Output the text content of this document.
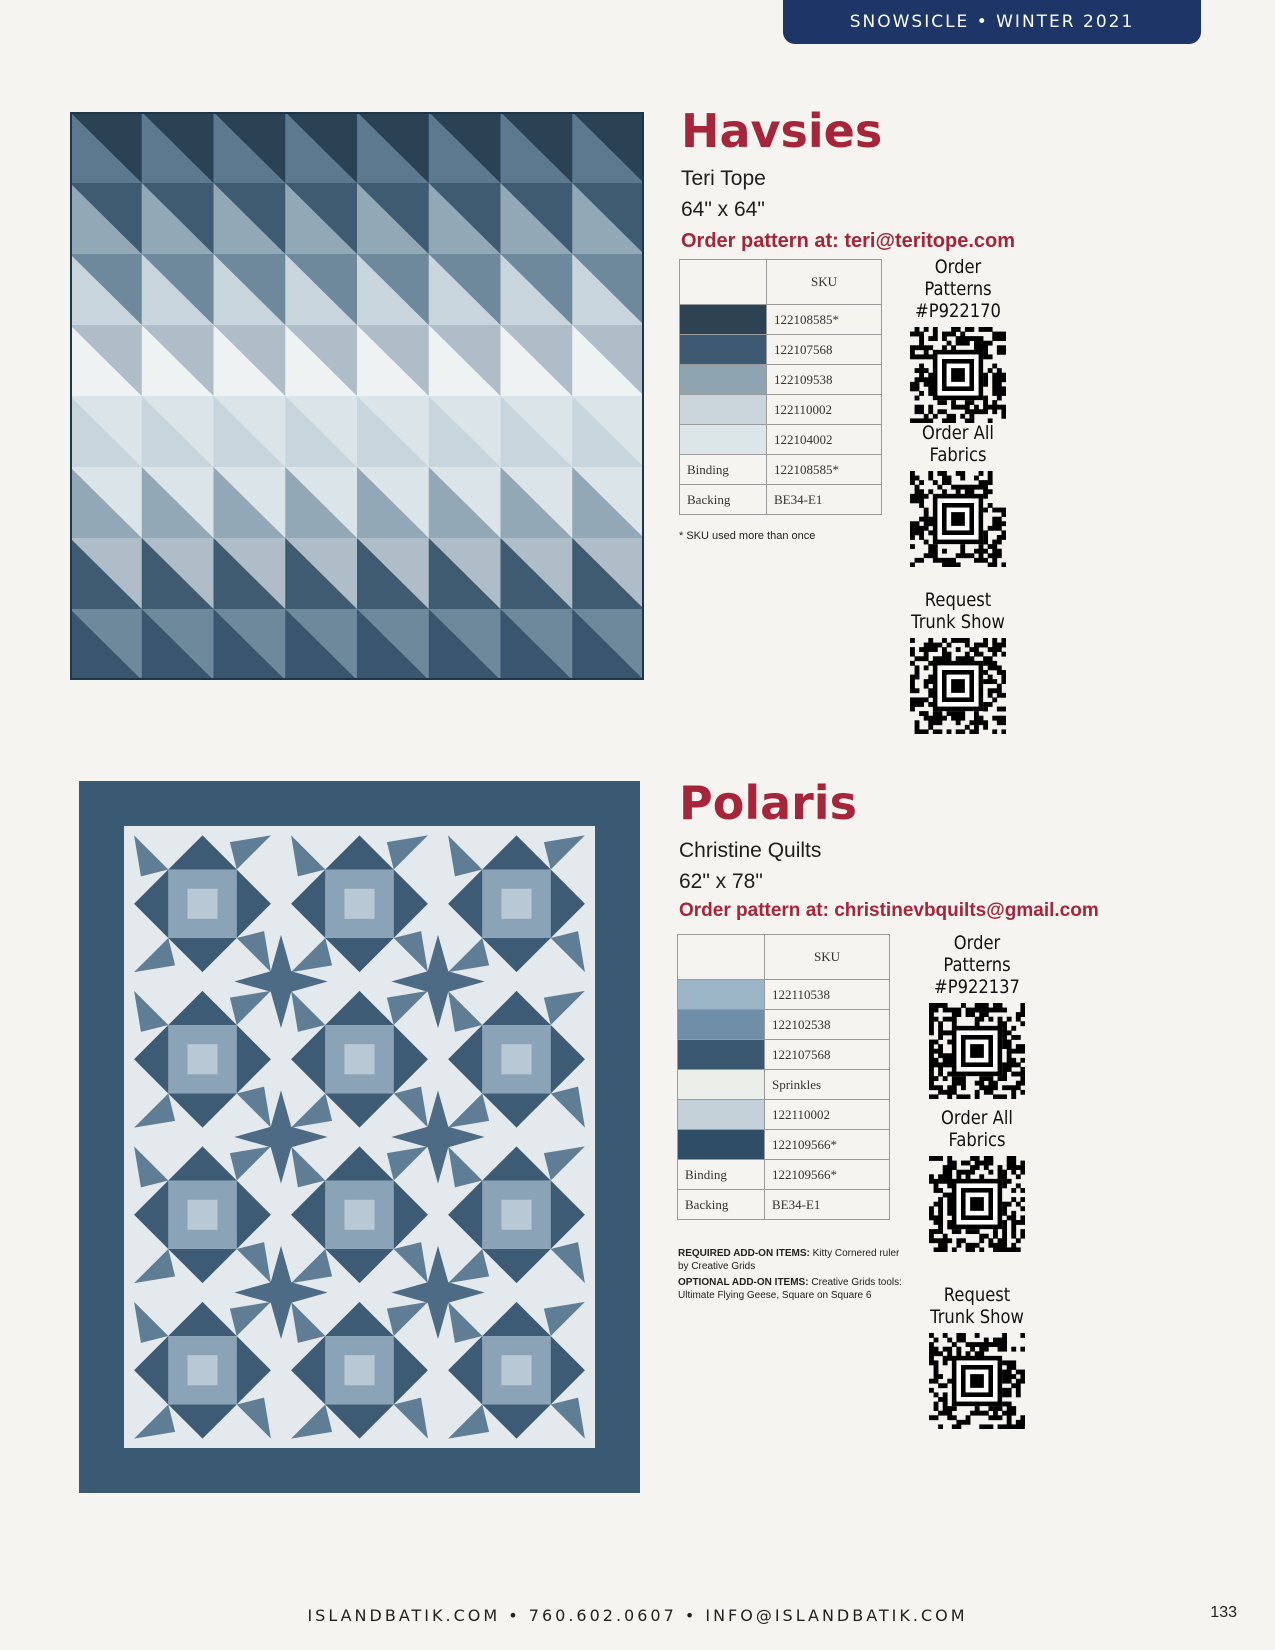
SNOWSICLE • WINTER 2021
Havsies
Teri Tope
64" x 64"
Order pattern at: teri@teritope.com
	SKU
	122108585*
	122107568
	122109538
	122110002
	122104002
Binding	122108585*
Backing	BE34-E1
* SKU used more than once
Order Patterns #P922170
Order All Fabrics
Request Trunk Show
Polaris
Christine Quilts
62" x 78"
Order pattern at: christinevbquilts@gmail.com
	SKU
	122110538
	122102538
	122107568
	Sprinkles
	122110002
	122109566*
Binding	122109566*
Backing	BE34-E1
REQUIRED ADD-ON ITEMS: Kitty Cornered ruler by Creative Grids
OPTIONAL ADD-ON ITEMS: Creative Grids tools: Ultimate Flying Geese, Square on Square 6
Order Patterns #P922137
Order All Fabrics
Request Trunk Show
ISLANDBATIK.COM • 760.602.0607 • INFO@ISLANDBATIK.COM	133
